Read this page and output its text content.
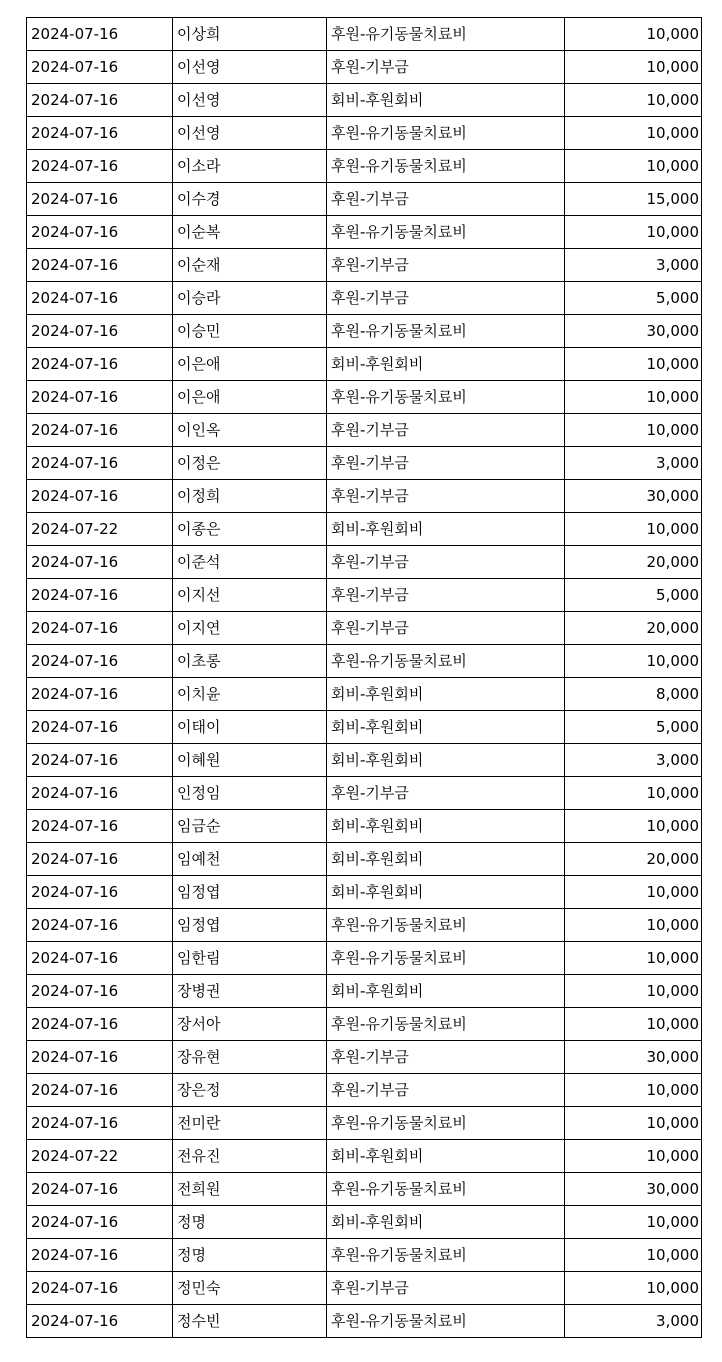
2024-07-16	이상희	후원-유기동물치료비	10,000
2024-07-16	이선영	후원-기부금	10,000
2024-07-16	이선영	회비-후원회비	10,000
2024-07-16	이선영	후원-유기동물치료비	10,000
2024-07-16	이소라	후원-유기동물치료비	10,000
2024-07-16	이수경	후원-기부금	15,000
2024-07-16	이순복	후원-유기동물치료비	10,000
2024-07-16	이순재	후원-기부금	3,000
2024-07-16	이승라	후원-기부금	5,000
2024-07-16	이승민	후원-유기동물치료비	30,000
2024-07-16	이은애	회비-후원회비	10,000
2024-07-16	이은애	후원-유기동물치료비	10,000
2024-07-16	이인옥	후원-기부금	10,000
2024-07-16	이정은	후원-기부금	3,000
2024-07-16	이정희	후원-기부금	30,000
2024-07-22	이종은	회비-후원회비	10,000
2024-07-16	이준석	후원-기부금	20,000
2024-07-16	이지선	후원-기부금	5,000
2024-07-16	이지연	후원-기부금	20,000
2024-07-16	이초롱	후원-유기동물치료비	10,000
2024-07-16	이치윤	회비-후원회비	8,000
2024-07-16	이태이	회비-후원회비	5,000
2024-07-16	이혜원	회비-후원회비	3,000
2024-07-16	인정임	후원-기부금	10,000
2024-07-16	임금순	회비-후원회비	10,000
2024-07-16	임예천	회비-후원회비	20,000
2024-07-16	임정엽	회비-후원회비	10,000
2024-07-16	임정엽	후원-유기동물치료비	10,000
2024-07-16	임한림	후원-유기동물치료비	10,000
2024-07-16	장병권	회비-후원회비	10,000
2024-07-16	장서아	후원-유기동물치료비	10,000
2024-07-16	장유현	후원-기부금	30,000
2024-07-16	장은정	후원-기부금	10,000
2024-07-16	전미란	후원-유기동물치료비	10,000
2024-07-22	전유진	회비-후원회비	10,000
2024-07-16	전희원	후원-유기동물치료비	30,000
2024-07-16	정명	회비-후원회비	10,000
2024-07-16	정명	후원-유기동물치료비	10,000
2024-07-16	정민숙	후원-기부금	10,000
2024-07-16	정수빈	후원-유기동물치료비	3,000
